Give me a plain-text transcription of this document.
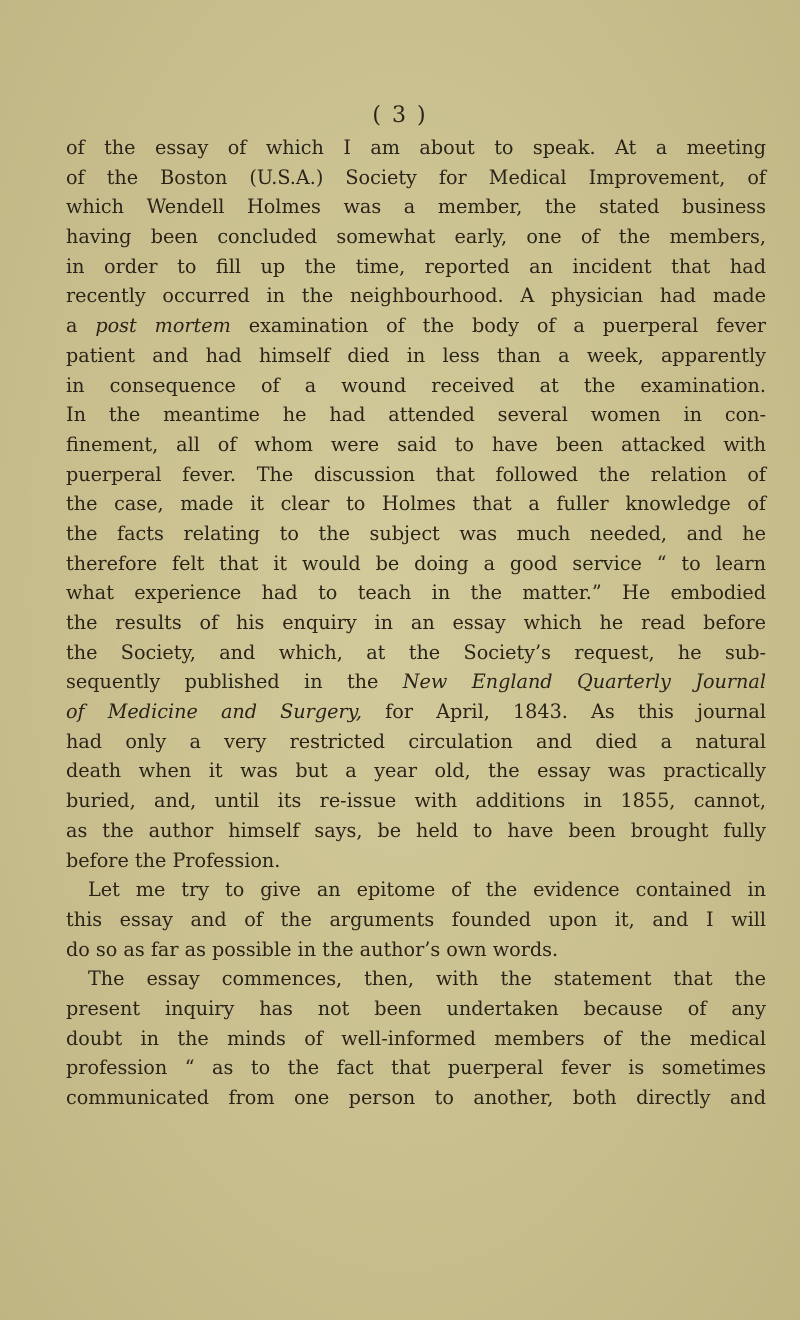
( 3 )
of the essay of which I am about to speak. At a meeting
of the Boston (U.S.A.) Society for Medical Improvement, of
which Wendell Holmes was a member, the stated business
having been concluded somewhat early, one of the members,
in order to fill up the time, reported an incident that had
recently occurred in the neighbourhood. A physician had made
a post mortem examination of the body of a puerperal fever
patient and had himself died in less than a week, apparently
in consequence of a wound received at the examination.
In the meantime he had attended several women in con-
finement, all of whom were said to have been attacked with
puerperal fever. The discussion that followed the relation of
the case, made it clear to Holmes that a fuller knowledge of
the facts relating to the subject was much needed, and he
therefore felt that it would be doing a good service “ to learn
what experience had to teach in the matter.” He embodied
the results of his enquiry in an essay which he read before
the Society, and which, at the Society’s request, he sub-
sequently published in the New England Quarterly Journal
of Medicine and Surgery, for April, 1843. As this journal
had only a very restricted circulation and died a natural
death when it was but a year old, the essay was practically
buried, and, until its re-issue with additions in 1855, cannot,
as the author himself says, be held to have been brought fully
before the Profession.
Let me try to give an epitome of the evidence contained in
this essay and of the arguments founded upon it, and I will
do so as far as possible in the author’s own words.
The essay commences, then, with the statement that the
present inquiry has not been undertaken because of any
doubt in the minds of well-informed members of the medical
profession “ as to the fact that puerperal fever is sometimes
communicated from one person to another, both directly and
